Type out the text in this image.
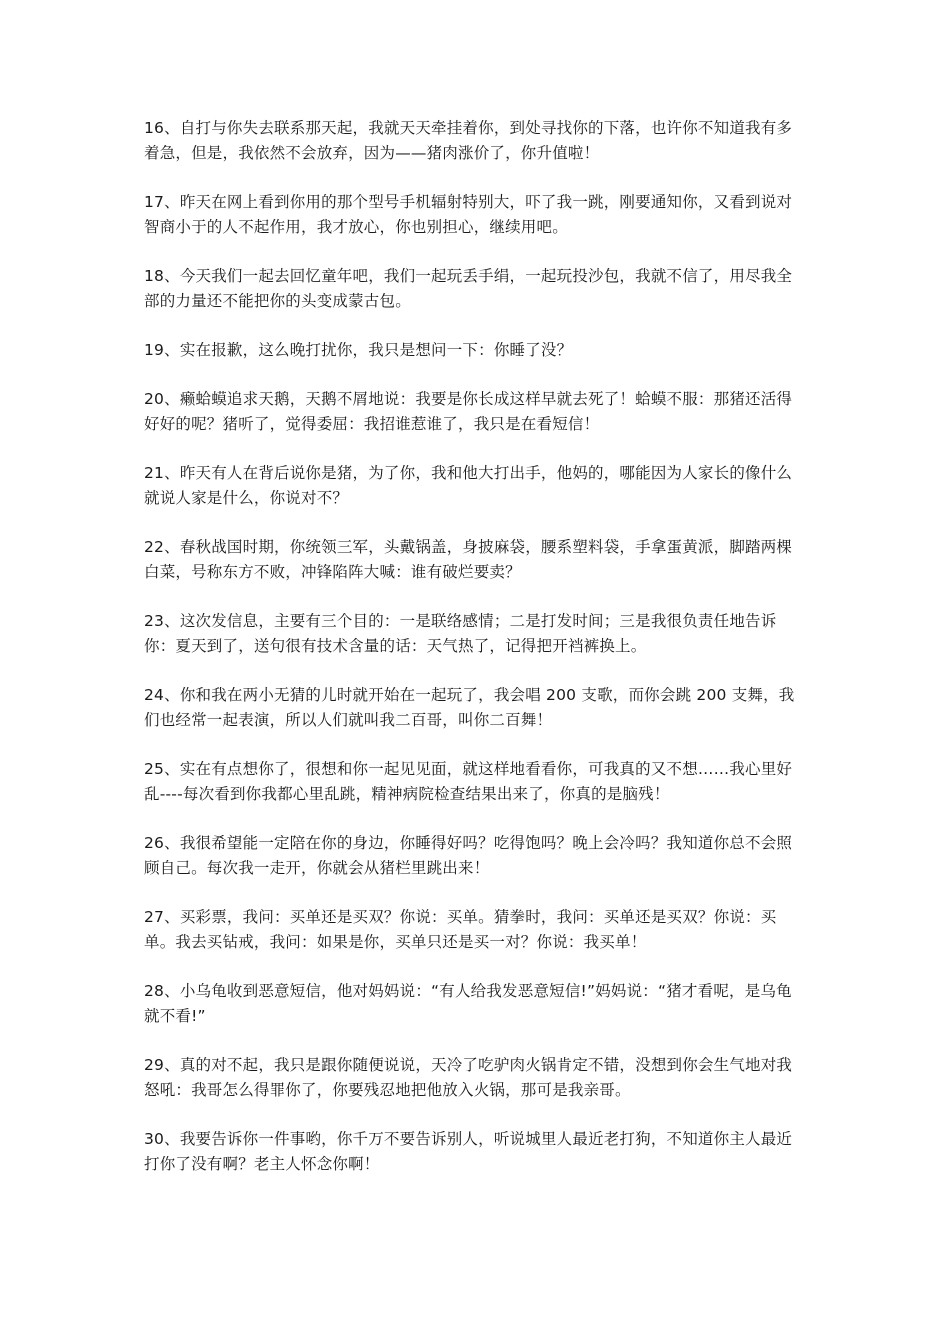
16、自打与你失去联系那天起，我就天天牵挂着你，到处寻找你的下落，也许你不知道我有多着急，但是，我依然不会放弃，因为——猪肉涨价了，你升值啦！

17、昨天在网上看到你用的那个型号手机辐射特别大，吓了我一跳，刚要通知你，又看到说对智商小于的人不起作用，我才放心，你也别担心，继续用吧。

18、今天我们一起去回忆童年吧，我们一起玩丢手绢，一起玩投沙包，我就不信了，用尽我全部的力量还不能把你的头变成蒙古包。

19、实在报歉，这么晚打扰你，我只是想问一下：你睡了没？

20、癞蛤蟆追求天鹅，天鹅不屑地说：我要是你长成这样早就去死了！蛤蟆不服：那猪还活得好好的呢？猪听了，觉得委屈：我招谁惹谁了，我只是在看短信！

21、昨天有人在背后说你是猪，为了你，我和他大打出手，他妈的，哪能因为人家长的像什么就说人家是什么，你说对不？

22、春秋战国时期，你统领三军，头戴锅盖，身披麻袋，腰系塑料袋，手拿蛋黄派，脚踏两棵白菜，号称东方不败，冲锋陷阵大喊：谁有破烂要卖？

23、这次发信息，主要有三个目的：一是联络感情；二是打发时间；三是我很负责任地告诉你：夏天到了，送句很有技术含量的话：天气热了，记得把开裆裤换上。

24、你和我在两小无猜的儿时就开始在一起玩了，我会唱 200 支歌，而你会跳 200 支舞，我们也经常一起表演，所以人们就叫我二百哥，叫你二百舞！

25、实在有点想你了，很想和你一起见见面，就这样地看看你，可我真的又不想……我心里好乱----每次看到你我都心里乱跳，精神病院检查结果出来了，你真的是脑残！

26、我很希望能一定陪在你的身边，你睡得好吗？吃得饱吗？晚上会冷吗？我知道你总不会照顾自己。每次我一走开，你就会从猪栏里跳出来！

27、买彩票，我问：买单还是买双？你说：买单。猜拳时，我问：买单还是买双？你说：买单。我去买钻戒，我问：如果是你，买单只还是买一对？你说：我买单！

28、小乌龟收到恶意短信，他对妈妈说：“有人给我发恶意短信!”妈妈说：“猪才看呢，是乌龟就不看!”

29、真的对不起，我只是跟你随便说说，天冷了吃驴肉火锅肯定不错，没想到你会生气地对我怒吼：我哥怎么得罪你了，你要残忍地把他放入火锅，那可是我亲哥。

30、我要告诉你一件事哟，你千万不要告诉别人，听说城里人最近老打狗，不知道你主人最近打你了没有啊？老主人怀念你啊！
